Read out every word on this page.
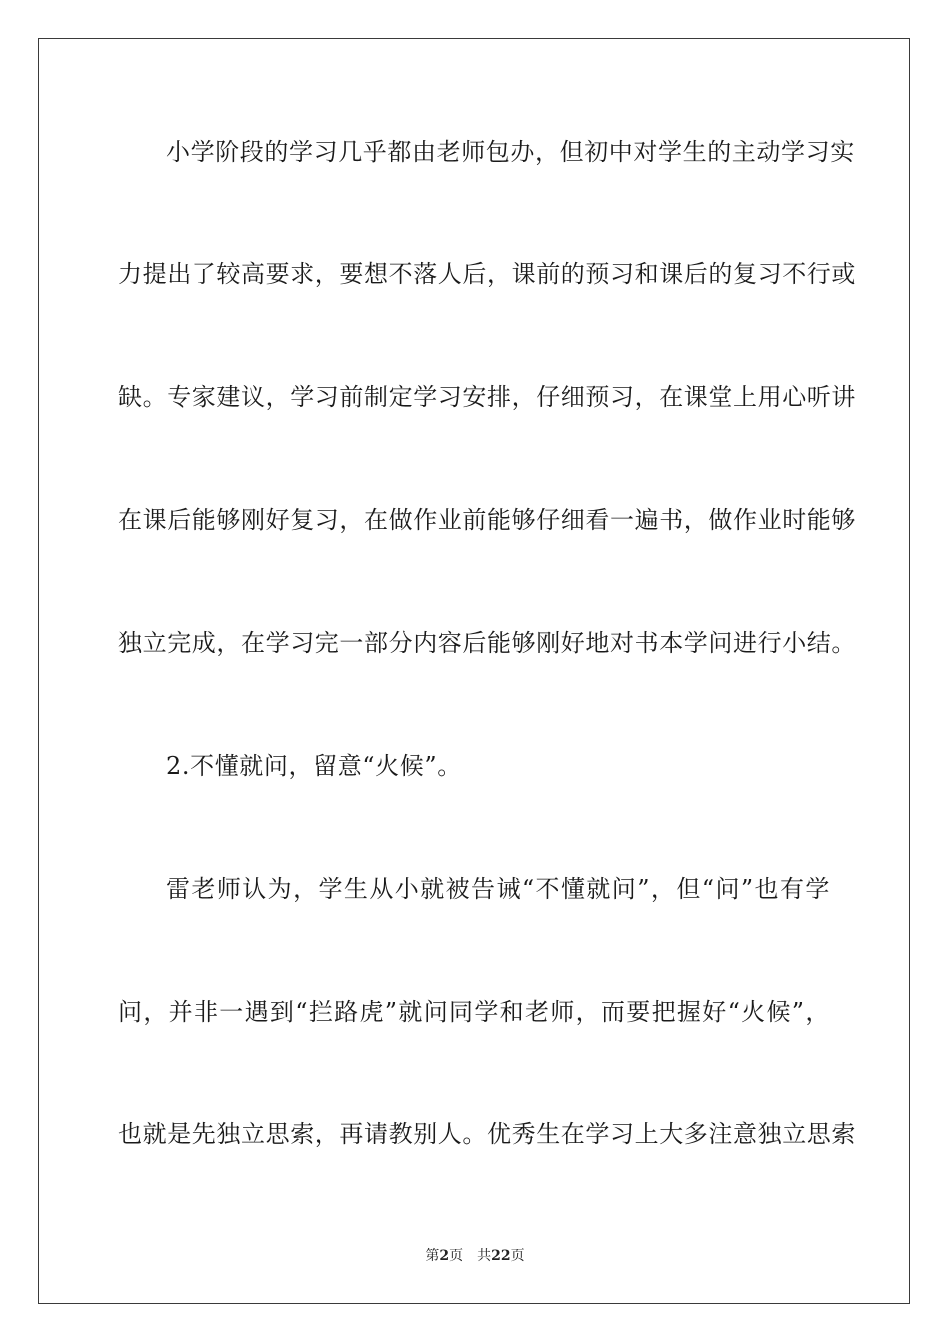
小学阶段的学习几乎都由老师包办，但初中对学生的主动学习实
力提出了较高要求，要想不落人后，课前的预习和课后的复习不行或
缺。专家建议，学习前制定学习安排，仔细预习，在课堂上用心听讲
在课后能够刚好复习，在做作业前能够仔细看一遍书，做作业时能够
独立完成，在学习完一部分内容后能够刚好地对书本学问进行小结。
2.不懂就问，留意“火候”。
雷老师认为，学生从小就被告诫“不懂就问”，但“问”也有学
问，并非一遇到“拦路虎”就问同学和老师，而要把握好“火候”，
也就是先独立思索，再请教别人。优秀生在学习上大多注意独立思索
第2页 共22页
